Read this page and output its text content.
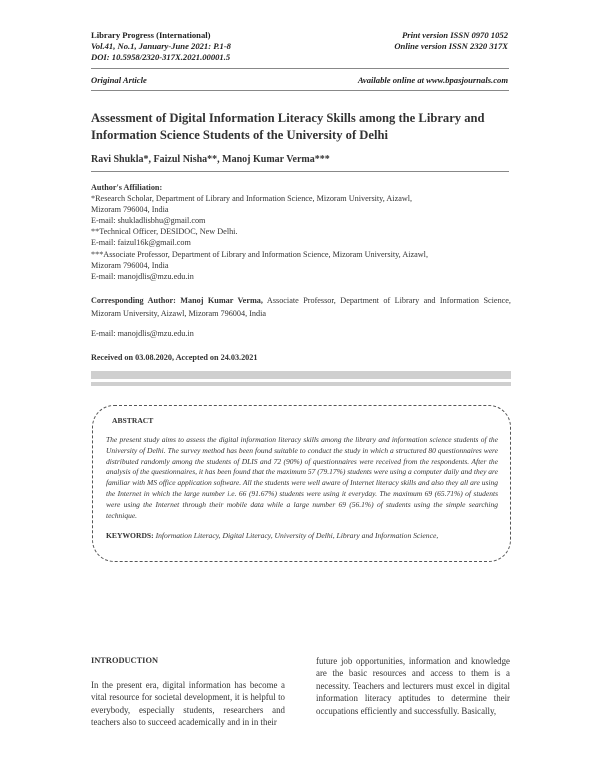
Library Progress (International)
Vol.41, No.1, January-June 2021: P.1-8
DOI: 10.5958/2320-317X.2021.00001.5
Print version ISSN 0970 1052
Online version ISSN 2320 317X
Original Article	Available online at www.bpasjournals.com
Assessment of Digital Information Literacy Skills among the Library and Information Science Students of the University of Delhi
Ravi Shukla*, Faizul Nisha**, Manoj Kumar Verma***
Author's Affiliation:
*Research Scholar, Department of Library and Information Science, Mizoram University, Aizawl,
Mizoram 796004, India
E-mail: shukladlisbhu@gmail.com
**Technical Officer, DESIDOC, New Delhi.
E-mail: faizul16k@gmail.com
***Associate Professor, Department of Library and Information Science, Mizoram University, Aizawl,
Mizoram 796004, India
E-mail: manojdlis@mzu.edu.in
Corresponding Author: Manoj Kumar Verma, Associate Professor, Department of Library and Information Science, Mizoram University, Aizawl, Mizoram 796004, India
E-mail: manojdlis@mzu.edu.in
Received on 03.08.2020, Accepted on 24.03.2021
ABSTRACT
The present study aims to assess the digital information literacy skills among the library and information science students of the University of Delhi. The survey method has been found suitable to conduct the study in which a structured 80 questionnaires were distributed randomly among the students of DLIS and 72 (90%) of questionnaires were received from the respondents. After the analysis of the questionnaires, it has been found that the maximum 57 (79.17%) students were using a computer daily and they are familiar with MS office application software. All the students were well aware of Internet literacy skills and also they all are using the Internet in which the large number i.e. 66 (91.67%) students were using it everyday. The maximum 69 (65.71%) of students were using the Internet through their mobile data while a large number 69 (56.1%) of students using the simple searching technique.
KEYWORDS: Information Literacy, Digital Literacy, University of Delhi, Library and Information Science,
INTRODUCTION
In the present era, digital information has become a vital resource for societal development, it is helpful to everybody, especially students, researchers and teachers also to succeed academically and in in their
future job opportunities, information and knowledge are the basic resources and access to them is a necessity. Teachers and lecturers must excel in digital information literacy aptitudes to determine their occupations efficiently and successfully. Basically,
